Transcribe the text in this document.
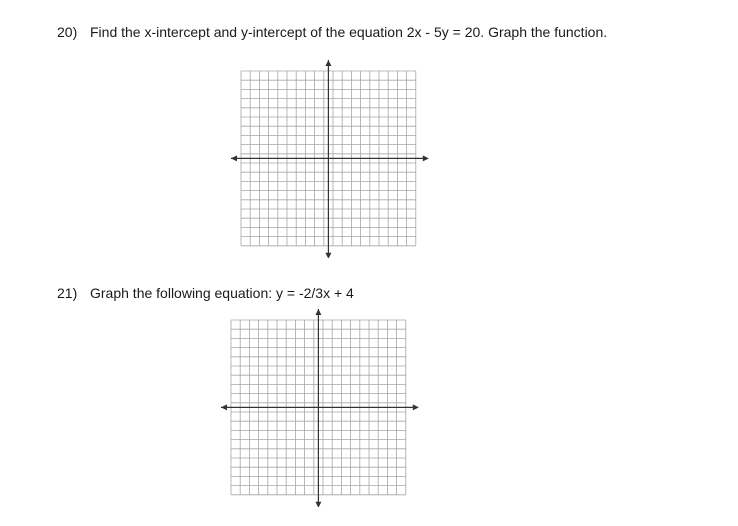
20) Find the x-intercept and y-intercept of the equation 2x - 5y = 20. Graph the function.
21) Graph the following equation: y = -2/3x + 4
